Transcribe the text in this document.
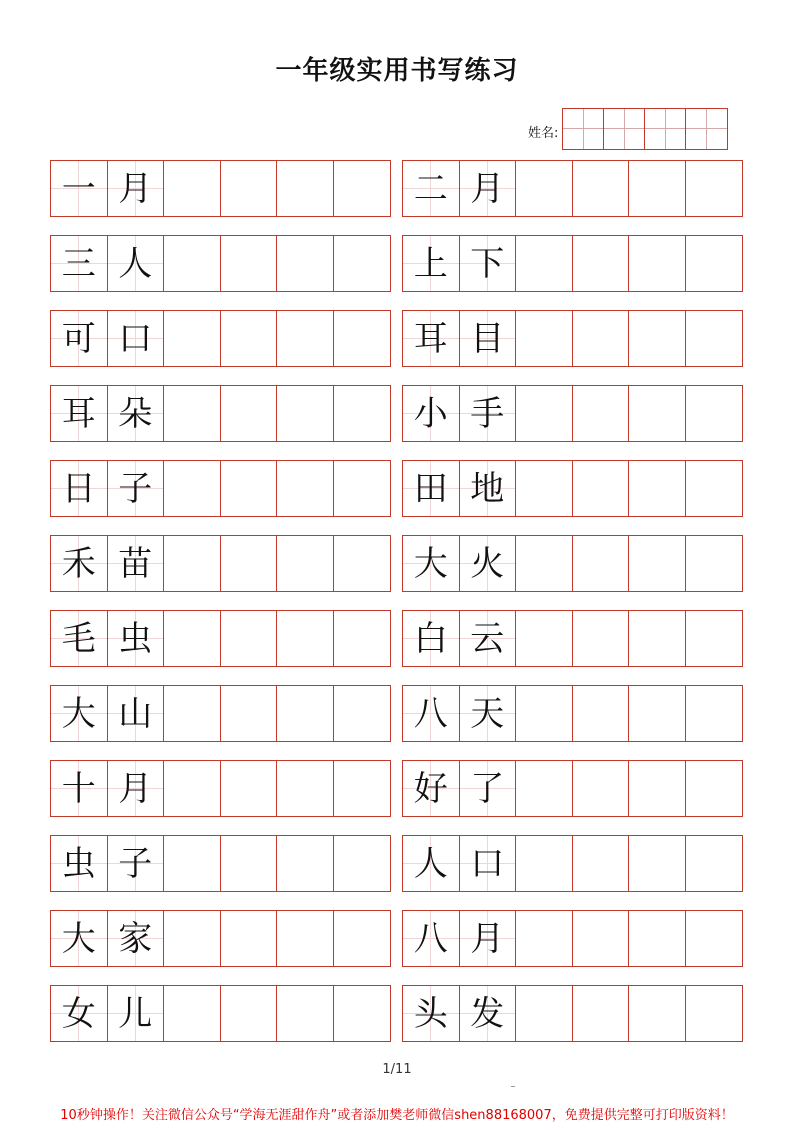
一年级实用书写练习
姓名:
一 月	二 月
三 人	上 下
可 口	耳 目
耳 朵	小 手
日 子	田 地
禾 苗	大 火
毛 虫	白 云
大 山	八 天
十 月	好 了
虫 子	人 口
大 家	八 月
女 儿	头 发
1/11
10秒钟操作！关注微信公众号“学海无涯甜作舟”或者添加樊老师微信shen88168007，免费提供完整可打印版资料！
